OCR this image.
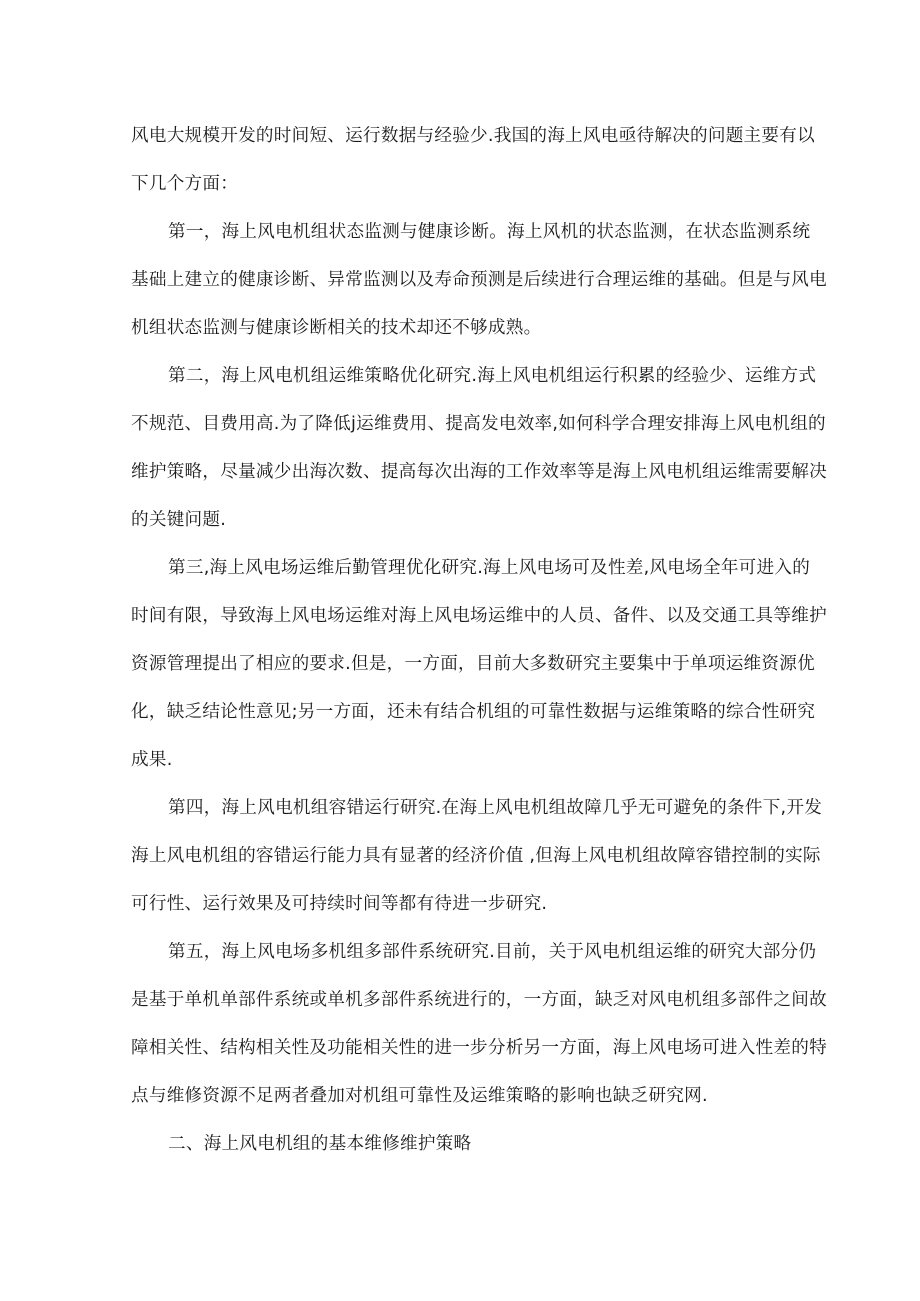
风电大规模开发的时间短、运行数据与经验少.我国的海上风电亟待解决的问题主要有以
下几个方面：
第一，海上风电机组状态监测与健康诊断。海上风机的状态监测，在状态监测系统
基础上建立的健康诊断、异常监测以及寿命预测是后续进行合理运维的基础。但是与风电
机组状态监测与健康诊断相关的技术却还不够成熟。
第二，海上风电机组运维策略优化研究.海上风电机组运行积累的经验少、运维方式
不规范、目费用高.为了降低j运维费用、提高发电效率,如何科学合理安排海上风电机组的
维护策略，尽量减少出海次数、提高每次出海的工作效率等是海上风电机组运维需要解决
的关键问题.
第三,海上风电场运维后勤管理优化研究.海上风电场可及性差,风电场全年可进入的
时间有限，导致海上风电场运维对海上风电场运维中的人员、备件、以及交通工具等维护
资源管理提出了相应的要求.但是，一方面，目前大多数研究主要集中于单项运维资源优
化，缺乏结论性意见;另一方面，还未有结合机组的可靠性数据与运维策略的综合性研究
成果.
第四，海上风电机组容错运行研究.在海上风电机组故障几乎无可避免的条件下,开发
海上风电机组的容错运行能力具有显著的经济价值 ,但海上风电机组故障容错控制的实际
可行性、运行效果及可持续时间等都有待进一步研究.
第五，海上风电场多机组多部件系统研究.目前，关于风电机组运维的研究大部分仍
是基于单机单部件系统或单机多部件系统进行的，一方面，缺乏对风电机组多部件之间故
障相关性、结构相关性及功能相关性的进一步分析另一方面，海上风电场可进入性差的特
点与维修资源不足两者叠加对机组可靠性及运维策略的影响也缺乏研究网.
二、海上风电机组的基本维修维护策略
